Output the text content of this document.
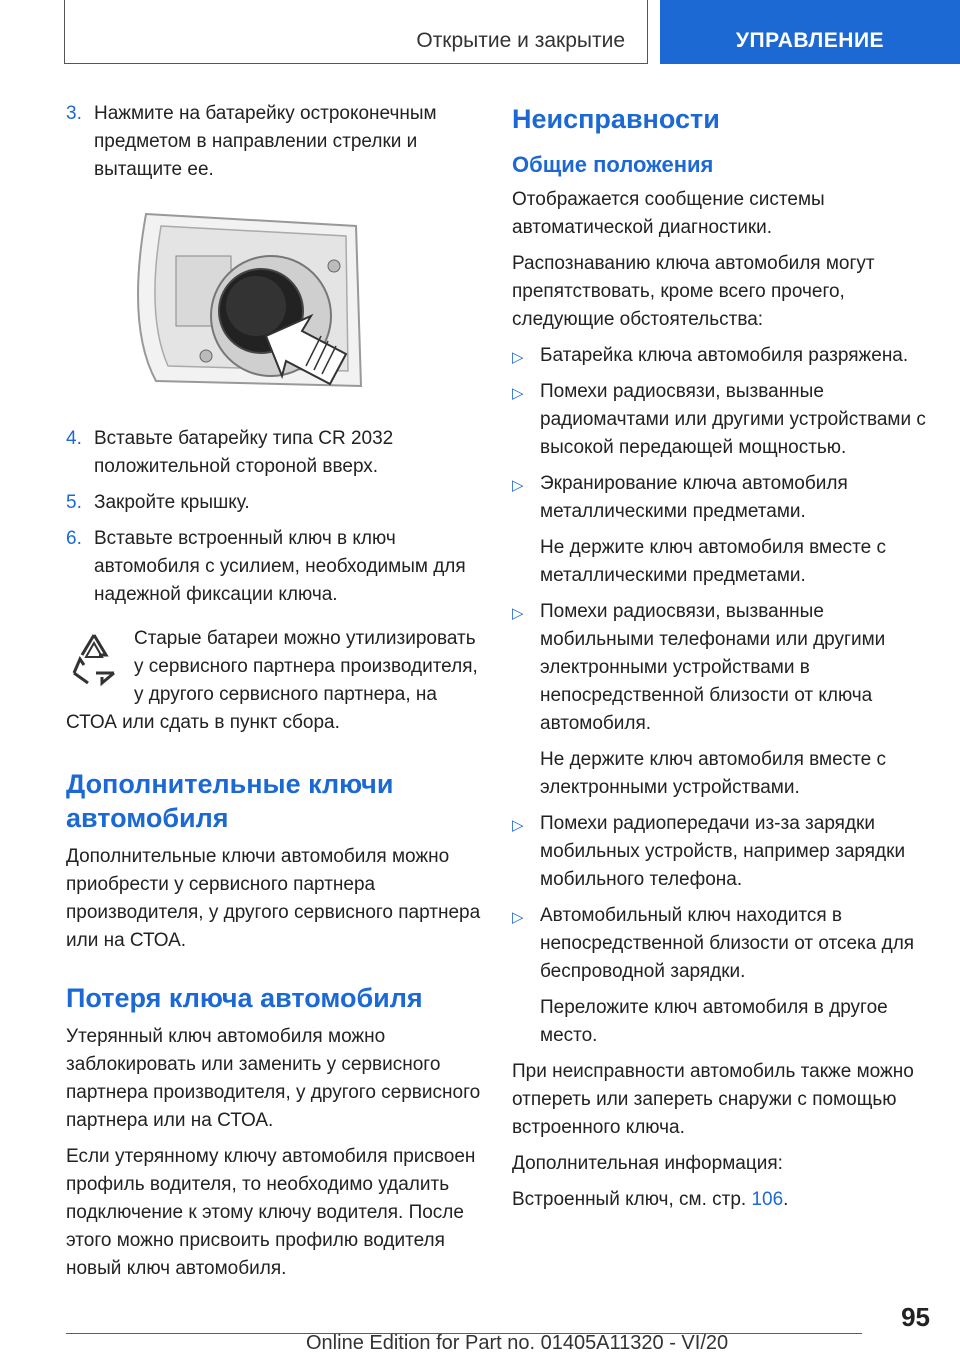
Открытие и закрытие	УПРАВЛЕНИЕ
3. Нажмите на батарейку остроконечным предметом в направлении стрелки и вытащите ее.
4. Вставьте батарейку типа CR 2032 положительной стороной вверх.
5. Закройте крышку.
6. Вставьте встроенный ключ в ключ автомобиля с усилием, необходимым для надежной фиксации ключа.
Старые батареи можно утилизировать у сервисного партнера производителя, у другого сервисного партнера, на СТОА или сдать в пункт сбора.
Дополнительные ключи автомобиля
Дополнительные ключи автомобиля можно приобрести у сервисного партнера производителя, у другого сервисного партнера или на СТОА.
Потеря ключа автомобиля
Утерянный ключ автомобиля можно заблокировать или заменить у сервисного партнера производителя, у другого сервисного партнера или на СТОА.
Если утерянному ключу автомобиля присвоен профиль водителя, то необходимо удалить подключение к этому ключу водителя. После этого можно присвоить профилю водителя новый ключ автомобиля.
Неисправности
Общие положения
Отображается сообщение системы автоматической диагностики.
Распознаванию ключа автомобиля могут препятствовать, кроме всего прочего, следующие обстоятельства:
▷ Батарейка ключа автомобиля разряжена.
▷ Помехи радиосвязи, вызванные радиомачтами или другими устройствами с высокой передающей мощностью.
▷ Экранирование ключа автомобиля металлическими предметами.
Не держите ключ автомобиля вместе с металлическими предметами.
▷ Помехи радиосвязи, вызванные мобильными телефонами или другими электронными устройствами в непосредственной близости от ключа автомобиля.
Не держите ключ автомобиля вместе с электронными устройствами.
▷ Помехи радиопередачи из-за зарядки мобильных устройств, например зарядки мобильного телефона.
▷ Автомобильный ключ находится в непосредственной близости от отсека для беспроводной зарядки.
Переложите ключ автомобиля в другое место.
При неисправности автомобиль также можно отпереть или запереть снаружи с помощью встроенного ключа.
Дополнительная информация:
Встроенный ключ, см. стр. 106.
95
Online Edition for Part no. 01405A11320 - VI/20
